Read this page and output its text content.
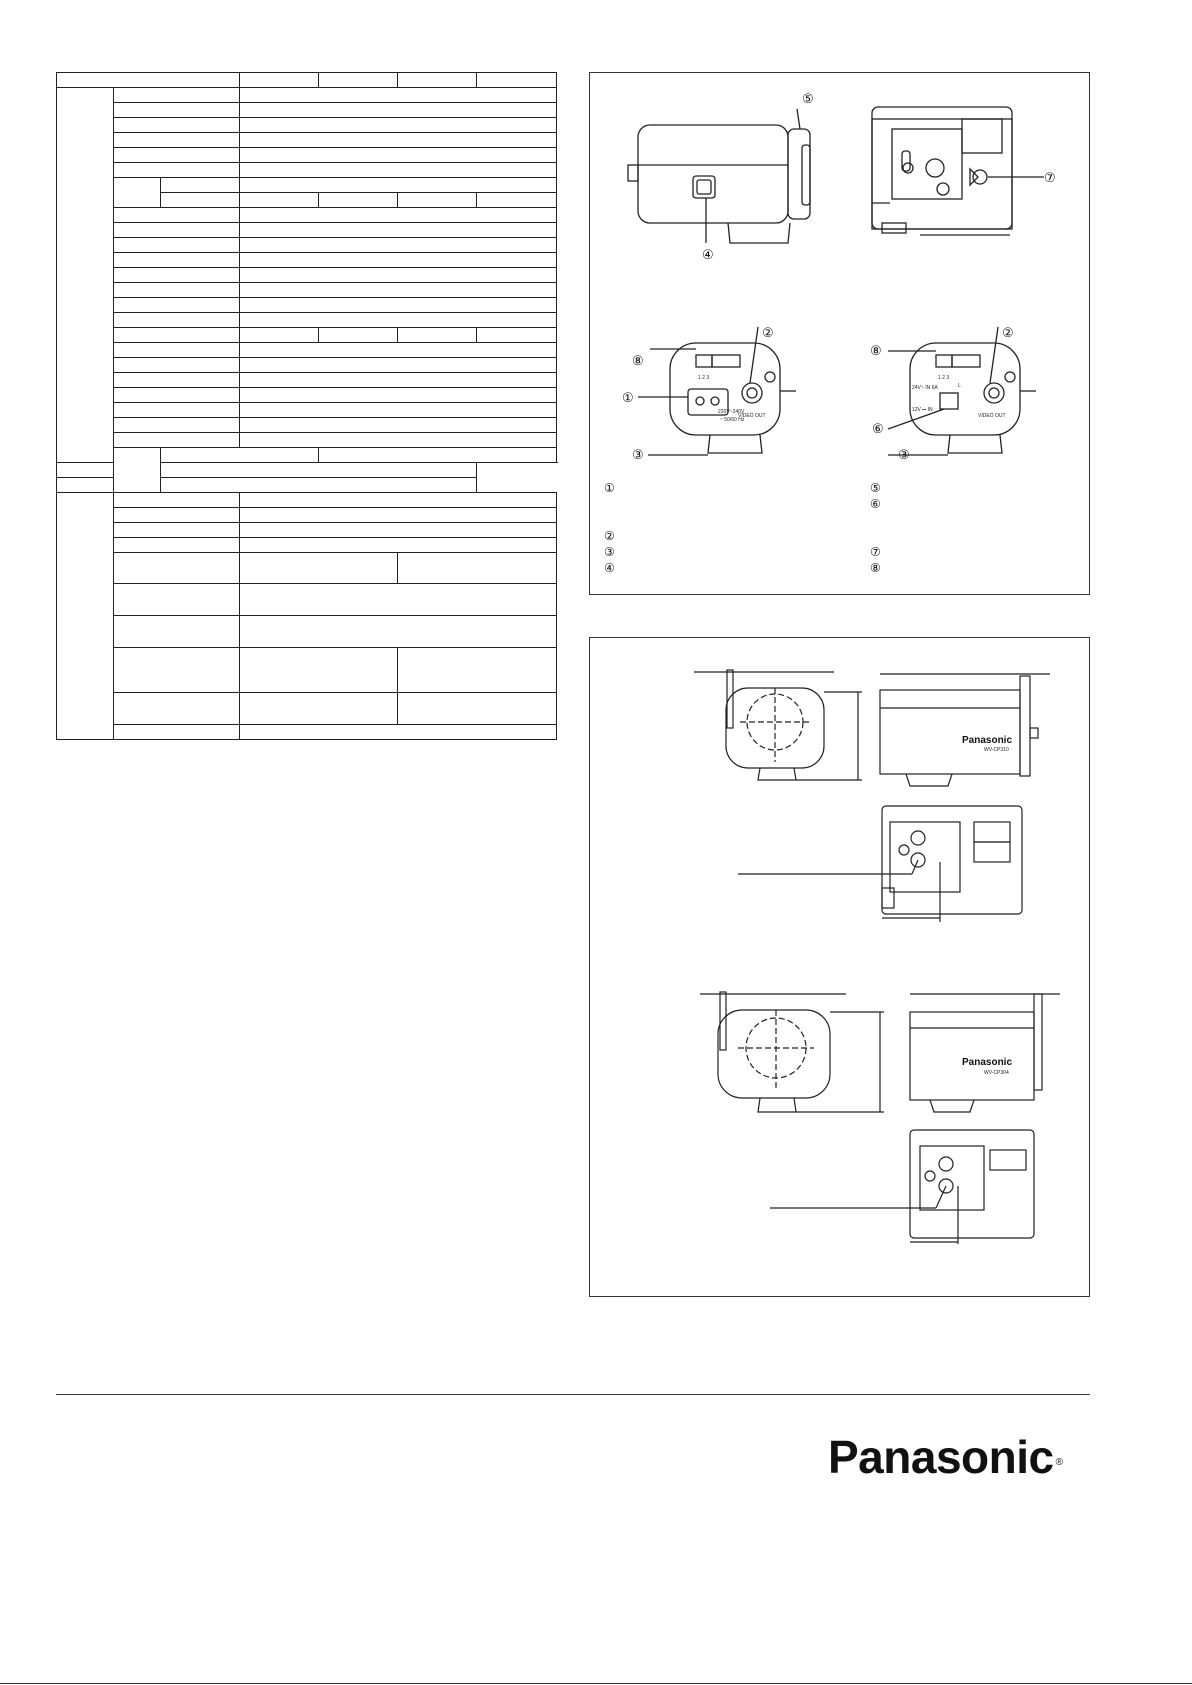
220V~240V
~ 50/60 Hz
VIDEO OUT
1 2 3
24V~ IN 6A
12V ⎓ IN
VIDEO OUT
1 2 3
L
⑤
④
⑦
②
⑧
①
③
②
⑧
⑥
③
①
②
③
④
⑤
⑥
⑦
⑧
Panasonic
Panasonic
WV-CP310
WV-CP304
Panasonic ®
